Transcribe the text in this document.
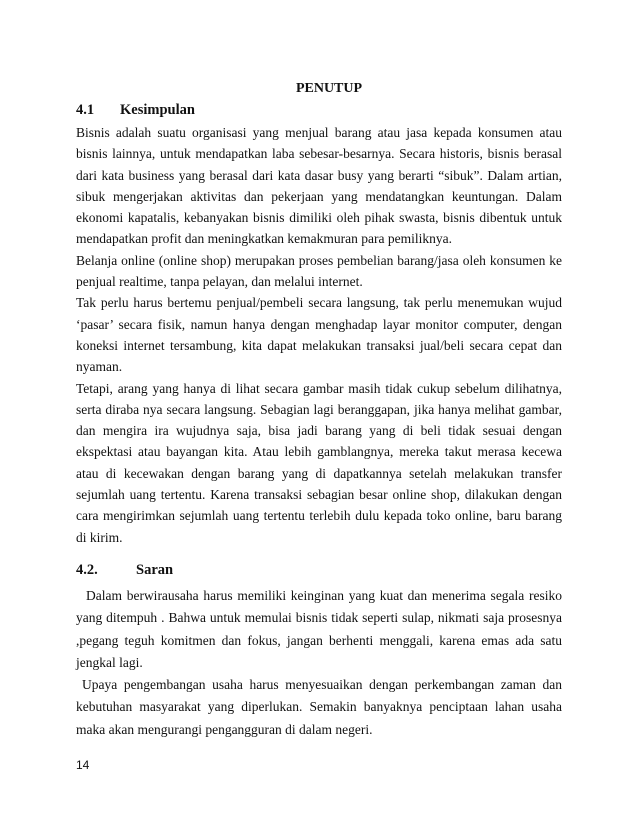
PENUTUP
4.1 Kesimpulan

Bisnis adalah suatu organisasi yang menjual barang atau jasa kepada konsumen atau bisnis lainnya, untuk mendapatkan laba sebesar-besarnya. Secara historis, bisnis berasal dari kata business yang berasal dari kata dasar busy yang berarti “sibuk”. Dalam artian, sibuk mengerjakan aktivitas dan pekerjaan yang mendatangkan keuntungan. Dalam ekonomi kapatalis, kebanyakan bisnis dimiliki oleh pihak swasta, bisnis dibentuk untuk mendapatkan profit dan meningkatkan kemakmuran para pemiliknya.

Belanja online (online shop) merupakan proses pembelian barang/jasa oleh konsumen ke penjual realtime, tanpa pelayan, dan melalui internet.

Tak perlu harus bertemu penjual/pembeli secara langsung, tak perlu menemukan wujud ‘pasar’ secara fisik, namun hanya dengan menghadap layar monitor computer, dengan koneksi internet tersambung, kita dapat melakukan transaksi jual/beli secara cepat dan nyaman.

Tetapi, arang yang hanya di lihat secara gambar masih tidak cukup sebelum dilihatnya, serta diraba nya secara langsung. Sebagian lagi beranggapan, jika hanya melihat gambar, dan mengira ira wujudnya saja, bisa jadi barang yang di beli tidak sesuai dengan ekspektasi atau bayangan kita. Atau lebih gamblangnya, mereka takut merasa kecewa atau di kecewakan dengan barang yang di dapatkannya setelah melakukan transfer sejumlah uang tertentu. Karena transaksi sebagian besar online shop, dilakukan dengan cara mengirimkan sejumlah uang tertentu terlebih dulu kepada toko online, baru barang di kirim.

4.2.	Saran

Dalam berwirausaha harus memiliki keinginan yang kuat dan menerima segala resiko yang ditempuh . Bahwa untuk memulai bisnis tidak seperti sulap, nikmati saja prosesnya ,pegang teguh komitmen dan fokus, jangan berhenti menggali, karena emas ada satu jengkal lagi.

Upaya pengembangan usaha harus menyesuaikan dengan perkembangan zaman dan kebutuhan masyarakat yang diperlukan. Semakin banyaknya penciptaan lahan usaha maka akan mengurangi pengangguran di dalam negeri.

14
